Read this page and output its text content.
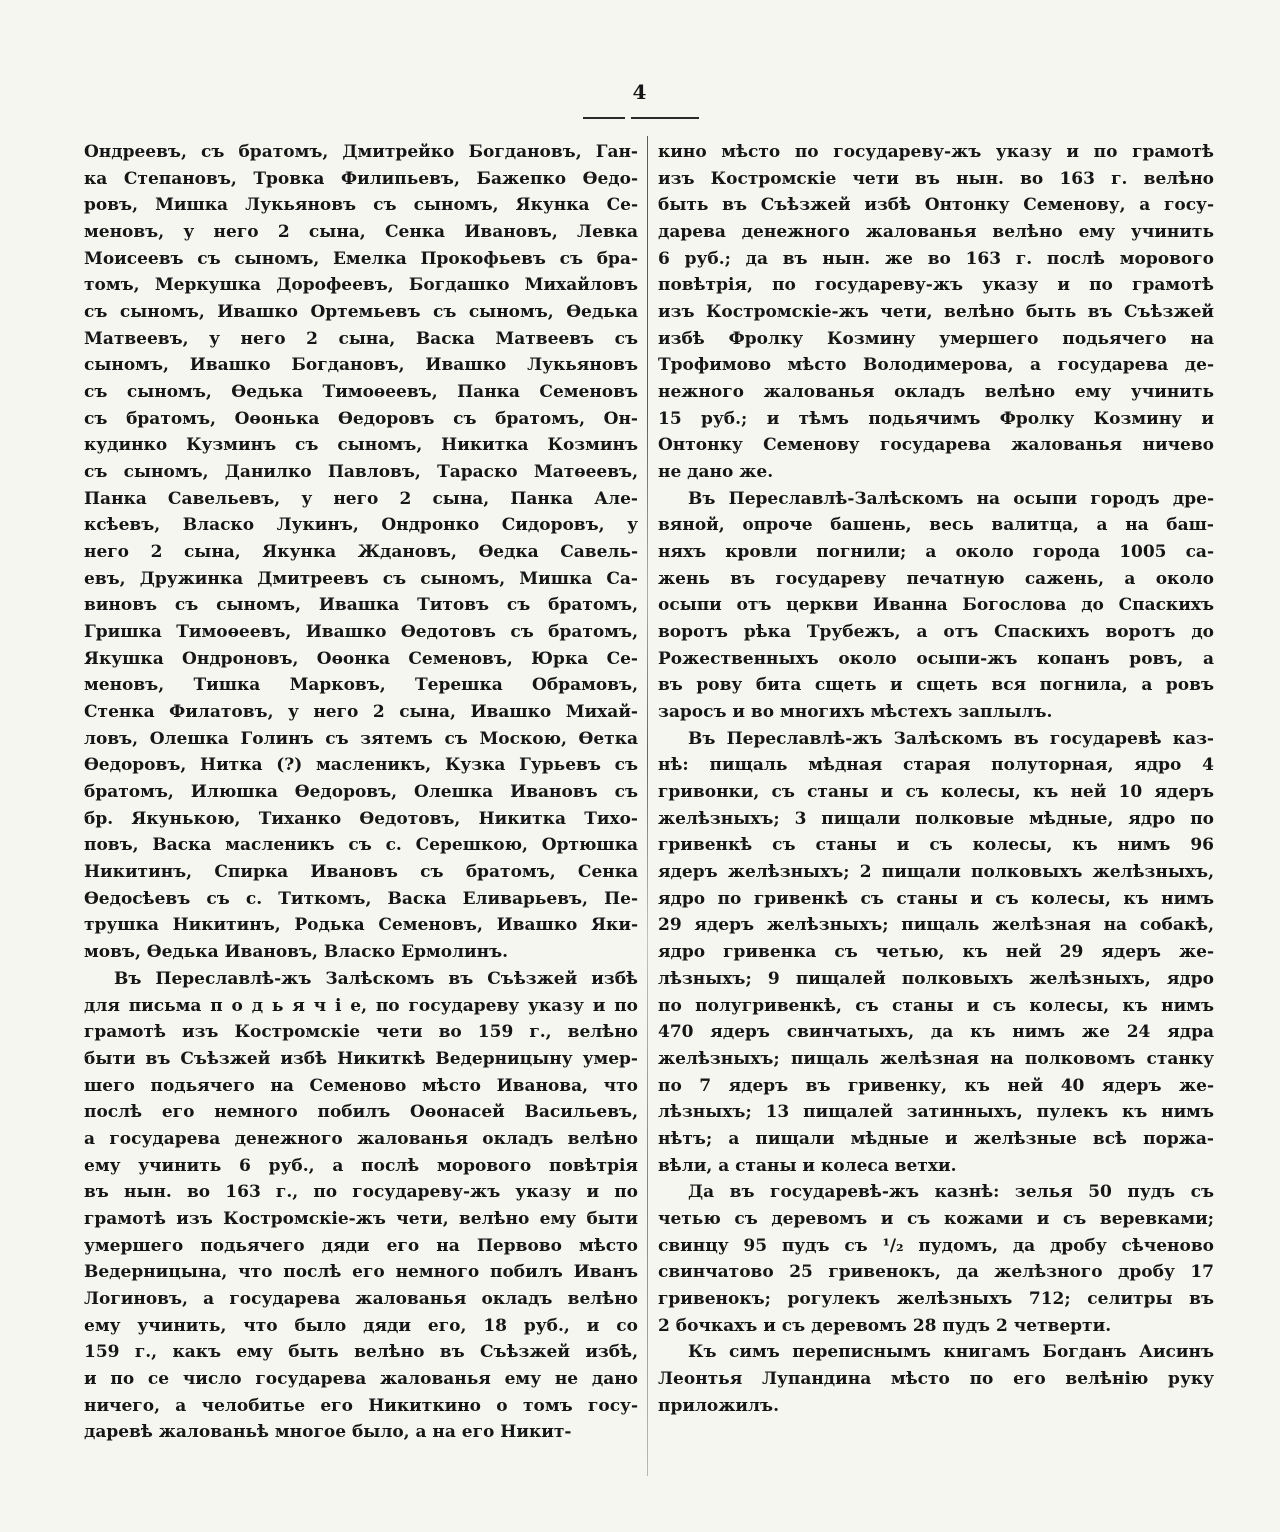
4
Ондреевъ, съ братомъ, Дмитрейко Богдановъ, Ган-
ка Степановъ, Тровка Филипьевъ, Бажепко Өедо-
ровъ, Мишка Лукьяновъ съ сыномъ, Якунка Се-
меновъ, у него 2 сына, Сенка Ивановъ, Левка
Моисеевъ съ сыномъ, Емелка Прокофьевъ съ бра-
томъ, Меркушка Дорофеевъ, Богдашко Михайловъ
съ сыномъ, Ивашко Ортемьевъ съ сыномъ, Өедька
Матвеевъ, у него 2 сына, Васка Матвеевъ съ
сыномъ, Ивашко Богдановъ, Ивашко Лукьяновъ
съ сыномъ, Өедька Тимоөеевъ, Панка Семеновъ
съ братомъ, Оөонька Өедоровъ съ братомъ, Он-
кудинко Кузминъ съ сыномъ, Никитка Козминъ
съ сыномъ, Данилко Павловъ, Тараско Матөеевъ,
Панка Савельевъ, у него 2 сына, Панка Але-
ксѣевъ, Власко Лукинъ, Ондронко Сидоровъ, у
него 2 сына, Якунка Ждановъ, Өедка Савель-
евъ, Дружинка Дмитреевъ съ сыномъ, Мишка Са-
виновъ съ сыномъ, Ивашка Титовъ съ братомъ,
Гришка Тимоөеевъ, Ивашко Өедотовъ съ братомъ,
Якушка Ондроновъ, Оөонка Семеновъ, Юрка Се-
меновъ, Тишка Марковъ, Терешка Обрамовъ,
Стенка Филатовъ, у него 2 сына, Ивашко Михай-
ловъ, Олешка Голинъ съ зятемъ съ Москою, Өетка
Өедоровъ, Нитка (?) масленикъ, Кузка Гурьевъ съ
братомъ, Илюшка Өедоровъ, Олешка Ивановъ съ
бр. Якунькою, Тиханко Өедотовъ, Никитка Тихо-
повъ, Васка масленикъ съ с. Серешкою, Ортюшка
Никитинъ, Спирка Ивановъ съ братомъ, Сенка
Өедосѣевъ съ с. Титкомъ, Васка Еливарьевъ, Пе-
трушка Никитинъ, Родька Семеновъ, Ивашко Яки-
мовъ, Өедька Ивановъ, Власко Ермолинъ.
Въ Переславлѣ-жъ Залѣскомъ въ Съѣзжей избѣ
для письма п о д ь я ч і е, по государеву указу и по
грамотѣ изъ Костромскіе чети во 159 г., велѣно
быти въ Съѣзжей избѣ Никиткѣ Ведерницыну умер-
шего подьячего на Семеново мѣсто Иванова, что
послѣ его немного побилъ Оөонасей Васильевъ,
а государева денежного жалованья окладъ велѣно
ему учинить 6 руб., а послѣ морового повѣтрія
въ нын. во 163 г., по государеву-жъ указу и по
грамотѣ изъ Костромскіе-жъ чети, велѣно ему быти
умершего подьячего дяди его на Первово мѣсто
Ведерницына, что послѣ его немного побилъ Иванъ
Логиновъ, а государева жалованья окладъ велѣно
ему учинить, что было дяди его, 18 руб., и со
159 г., какъ ему быть велѣно въ Съѣзжей избѣ,
и по се число государева жалованья ему не дано
ничего, а челобитье его Никиткино о томъ госу-
даревѣ жалованьѣ многое было, а на его Никит-
кино мѣсто по государеву-жъ указу и по грамотѣ
изъ Костромскіе чети въ нын. во 163 г. велѣно
быть въ Съѣзжей избѣ Онтонку Семенову, а госу-
дарева денежного жалованья велѣно ему учинить
6 руб.; да въ нын. же во 163 г. послѣ морового
повѣтрія, по государеву-жъ указу и по грамотѣ
изъ Костромскіе-жъ чети, велѣно быть въ Съѣзжей
избѣ Фролку Козмину умершего подьячего на
Трофимово мѣсто Володимерова, а государева де-
нежного жалованья окладъ велѣно ему учинить
15 руб.; и тѣмъ подьячимъ Фролку Козмину и
Онтонку Семенову государева жалованья ничево
не дано же.
Въ Переславлѣ-Залѣскомъ на осыпи городъ дре-
вяной, опроче башень, весь валитца, а на баш-
няхъ кровли погнили; а около города 1005 са-
жень въ государеву печатную сажень, а около
осыпи отъ церкви Иванна Богослова до Спаскихъ
воротъ рѣка Трубежъ, а отъ Спаскихъ воротъ до
Рожественныхъ около осыпи-жъ копанъ ровъ, а
въ рову бита сщеть и сщеть вся погнила, а ровъ
заросъ и во многихъ мѣстехъ заплылъ.
Въ Переславлѣ-жъ Залѣскомъ въ государевѣ каз-
нѣ: пищаль мѣдная старая полуторная, ядро 4
гривонки, съ станы и съ колесы, къ ней 10 ядеръ
желѣзныхъ; 3 пищали полковые мѣдные, ядро по
гривенкѣ съ станы и съ колесы, къ нимъ 96
ядеръ желѣзныхъ; 2 пищали полковыхъ желѣзныхъ,
ядро по гривенкѣ съ станы и съ колесы, къ нимъ
29 ядеръ желѣзныхъ; пищаль желѣзная на собакѣ,
ядро гривенка съ четью, къ ней 29 ядеръ же-
лѣзныхъ; 9 пищалей полковыхъ желѣзныхъ, ядро
по полугривенкѣ, съ станы и съ колесы, къ нимъ
470 ядеръ свинчатыхъ, да къ нимъ же 24 ядра
желѣзныхъ; пищаль желѣзная на полковомъ станку
по 7 ядеръ въ гривенку, къ ней 40 ядеръ же-
лѣзныхъ; 13 пищалей затинныхъ, пулекъ къ нимъ
нѣтъ; а пищали мѣдные и желѣзные всѣ поржа-
вѣли, а станы и колеса ветхи.
Да въ государевѣ-жъ казнѣ: зелья 50 пудъ съ
четью съ деревомъ и съ кожами и съ веревками;
свинцу 95 пудъ съ ¹/₂ пудомъ, да дробу сѣченово
свинчатово 25 гривенокъ, да желѣзного дробу 17
гривенокъ; рогулекъ желѣзныхъ 712; селитры въ
2 бочкахъ и съ деревомъ 28 пудъ 2 четверти.
Къ симъ переписнымъ книгамъ Богданъ Аисинъ
Леонтья Лупандина мѣсто по его велѣнію руку
приложилъ.
